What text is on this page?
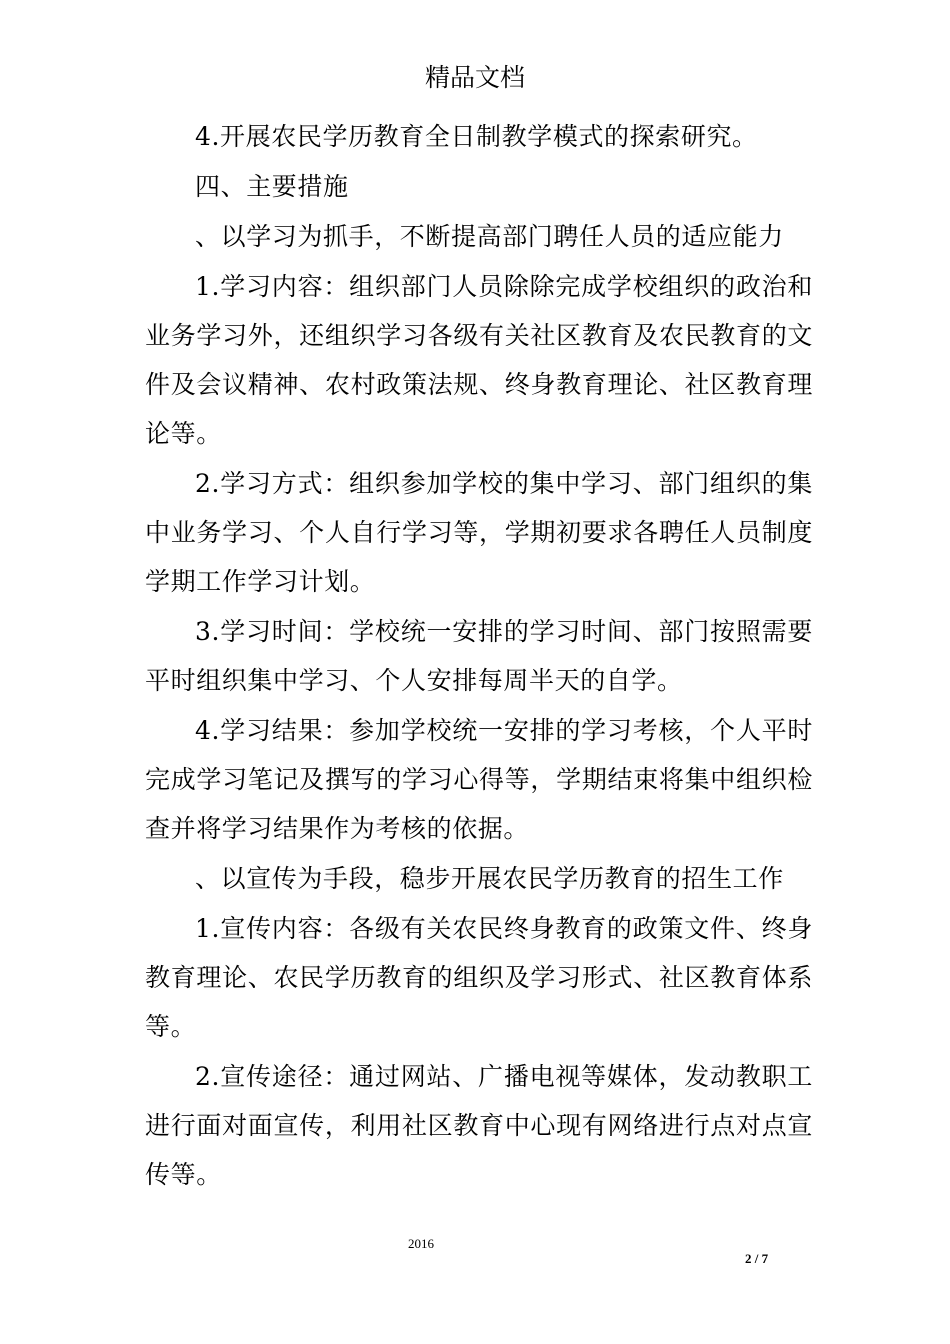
精品文档

4.开展农民学历教育全日制教学模式的探索研究。

四、主要措施

、以学习为抓手，不断提高部门聘任人员的适应能力

1.学习内容：组织部门人员除除完成学校组织的政治和业务学习外，还组织学习各级有关社区教育及农民教育的文件及会议精神、农村政策法规、终身教育理论、社区教育理论等。

2.学习方式：组织参加学校的集中学习、部门组织的集中业务学习、个人自行学习等，学期初要求各聘任人员制度学期工作学习计划。

3.学习时间：学校统一安排的学习时间、部门按照需要平时组织集中学习、个人安排每周半天的自学。

4.学习结果：参加学校统一安排的学习考核，个人平时完成学习笔记及撰写的学习心得等，学期结束将集中组织检查并将学习结果作为考核的依据。

、以宣传为手段，稳步开展农民学历教育的招生工作

1.宣传内容：各级有关农民终身教育的政策文件、终身教育理论、农民学历教育的组织及学习形式、社区教育体系等。

2.宣传途径：通过网站、广播电视等媒体，发动教职工进行面对面宣传，利用社区教育中心现有网络进行点对点宣传等。

2016
2 / 7
